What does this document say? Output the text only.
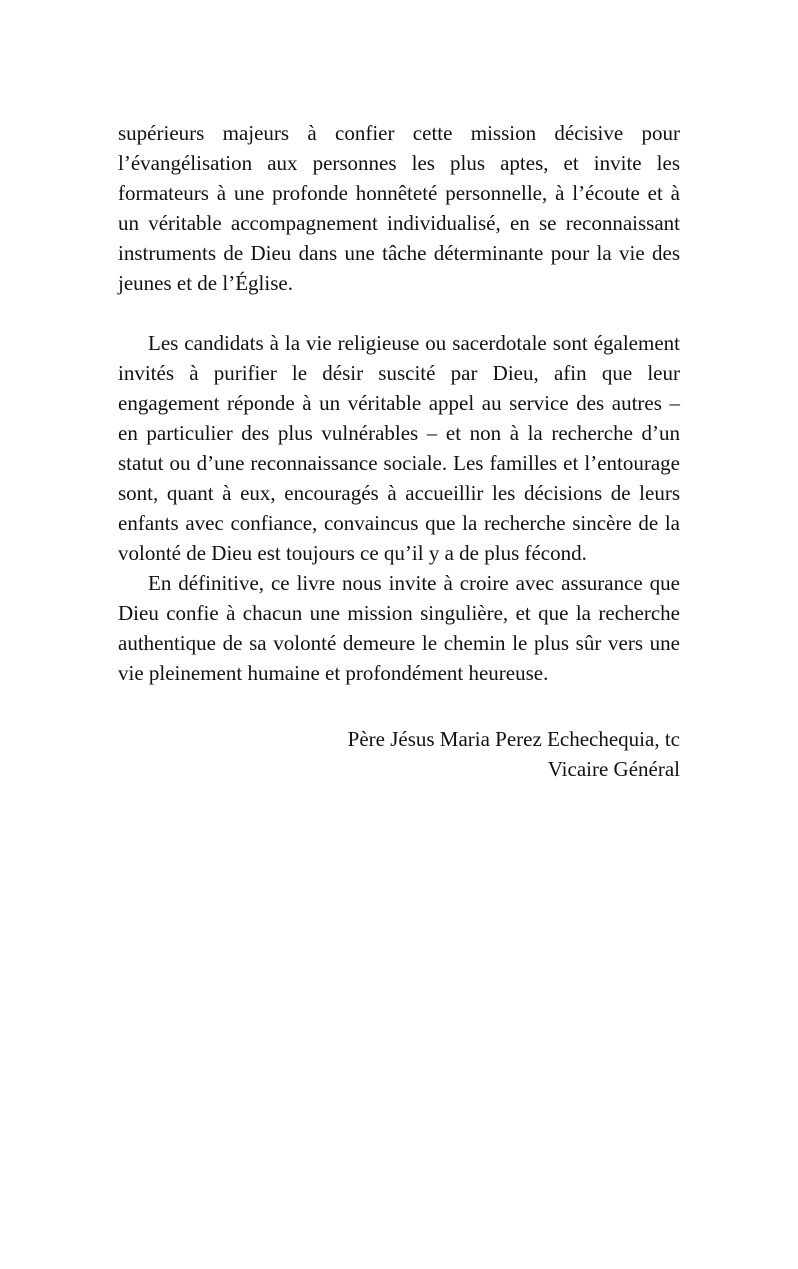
supérieurs majeurs à confier cette mission décisive pour l’évangélisation aux personnes les plus aptes, et invite les formateurs à une profonde honnêteté personnelle, à l’écoute et à un véritable accompagnement individualisé, en se reconnaissant instruments de Dieu dans une tâche déterminante pour la vie des jeunes et de l’Église.

Les candidats à la vie religieuse ou sacerdotale sont également invités à purifier le désir suscité par Dieu, afin que leur engagement réponde à un véritable appel au service des autres – en particulier des plus vulnérables – et non à la recherche d’un statut ou d’une reconnaissance sociale. Les familles et l’entourage sont, quant à eux, encouragés à accueillir les décisions de leurs enfants avec confiance, convaincus que la recherche sincère de la volonté de Dieu est toujours ce qu’il y a de plus fécond.

En définitive, ce livre nous invite à croire avec assurance que Dieu confie à chacun une mission singulière, et que la recherche authentique de sa volonté demeure le chemin le plus sûr vers une vie pleinement humaine et profondément heureuse.

Père Jésus Maria Perez Echechequia, tc
Vicaire Général
